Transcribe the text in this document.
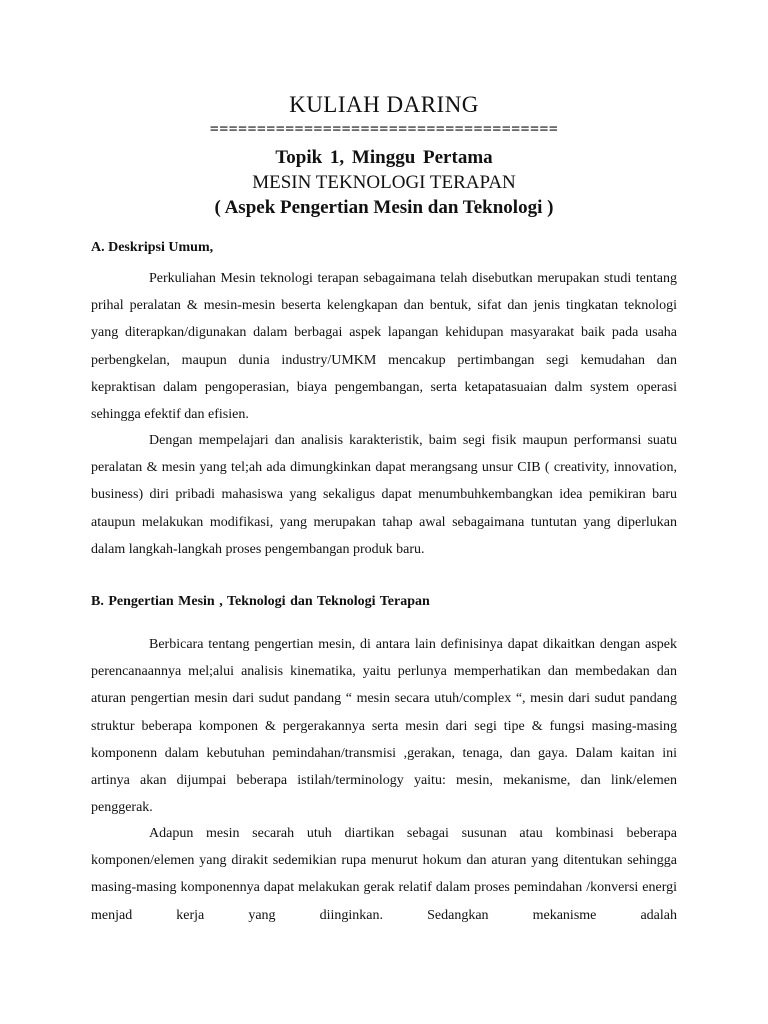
KULIAH DARING
=====================================
Topik 1, Minggu Pertama
MESIN TEKNOLOGI TERAPAN
( Aspek Pengertian Mesin dan Teknologi )
A. Deskripsi Umum,

Perkuliahan Mesin teknologi terapan sebagaimana telah disebutkan merupakan studi tentang prihal peralatan & mesin-mesin beserta kelengkapan dan bentuk, sifat dan jenis tingkatan teknologi yang diterapkan/digunakan dalam berbagai aspek lapangan kehidupan masyarakat baik pada usaha perbengkelan, maupun dunia industry/UMKM mencakup pertimbangan segi kemudahan dan kepraktisan dalam pengoperasian, biaya pengembangan, serta ketapatasuaian dalm system operasi sehingga efektif dan efisien.

Dengan mempelajari dan analisis karakteristik, baim segi fisik maupun performansi suatu peralatan & mesin yang tel;ah ada dimungkinkan dapat merangsang unsur CIB ( creativity, innovation, business) diri pribadi mahasiswa yang sekaligus dapat menumbuhkembangkan idea pemikiran baru ataupun melakukan modifikasi, yang merupakan tahap awal sebagaimana tuntutan yang diperlukan dalam langkah-langkah proses pengembangan produk baru.

B. Pengertian Mesin , Teknologi dan Teknologi Terapan

Berbicara tentang pengertian mesin, di antara lain definisinya dapat dikaitkan dengan aspek perencanaannya mel;alui analisis kinematika, yaitu perlunya memperhatikan dan membedakan dan aturan pengertian mesin dari sudut pandang “ mesin secara utuh/complex “, mesin dari sudut pandang struktur beberapa komponen & pergerakannya serta mesin dari segi tipe & fungsi masing-masing komponenn dalam kebutuhan pemindahan/transmisi ,gerakan, tenaga, dan gaya. Dalam kaitan ini artinya akan dijumpai beberapa istilah/terminology yaitu: mesin, mekanisme, dan link/elemen penggerak.

Adapun mesin secarah utuh diartikan sebagai susunan atau kombinasi beberapa komponen/elemen yang dirakit sedemikian rupa menurut hokum dan aturan yang ditentukan sehingga masing-masing komponennya dapat melakukan gerak relatif dalam proses pemindahan /konversi energi menjad kerja yang diinginkan. Sedangkan mekanisme adalah
